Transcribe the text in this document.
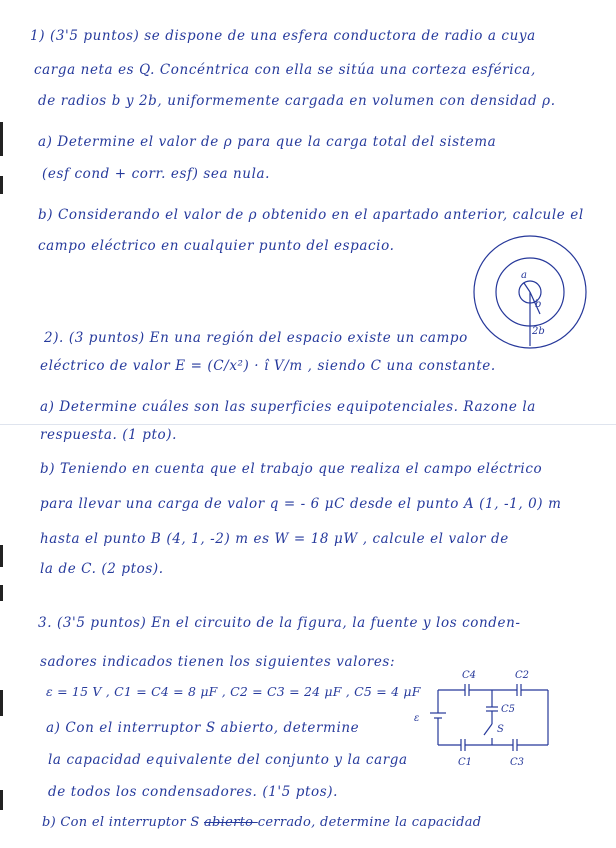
1) (3'5 puntos) se dispone de una esfera conductora de radio a cuya
carga neta es Q. Concéntrica con ella se sitúa una corteza esférica,
de radios b y 2b, uniformemente cargada en volumen con densidad ρ.
a) Determine el valor de ρ para que la carga total del sistema
(esf cond + corr. esf) sea nula.
b) Considerando el valor de ρ obtenido en el apartado anterior, calcule el
campo eléctrico en cualquier punto del espacio.
a
b
2b
2). (3 puntos) En una región del espacio existe un campo
eléctrico de valor E = (C/x²) · î V/m , siendo C una constante.
a) Determine cuáles son las superficies equipotenciales. Razone la
respuesta. (1 pto).
b) Teniendo en cuenta que el trabajo que realiza el campo eléctrico
para llevar una carga de valor q = - 6 μC desde el punto A (1, -1, 0) m
hasta el punto B (4, 1, -2) m es W = 18 μW , calcule el valor de
la de C. (2 ptos).
3. (3'5 puntos) En el circuito de la figura, la fuente y los conden-
sadores indicados tienen los siguientes valores:
ε = 15 V , C1 = C4 = 8 μF , C2 = C3 = 24 μF , C5 = 4 μF
a) Con el interruptor S abierto, determine
la capacidad equivalente del conjunto y la carga
de todos los condensadores. (1'5 ptos).
b) Con el interruptor S abierto cerrado, determine la capacidad
C4	C2
ε
C5
S
C1	C3
